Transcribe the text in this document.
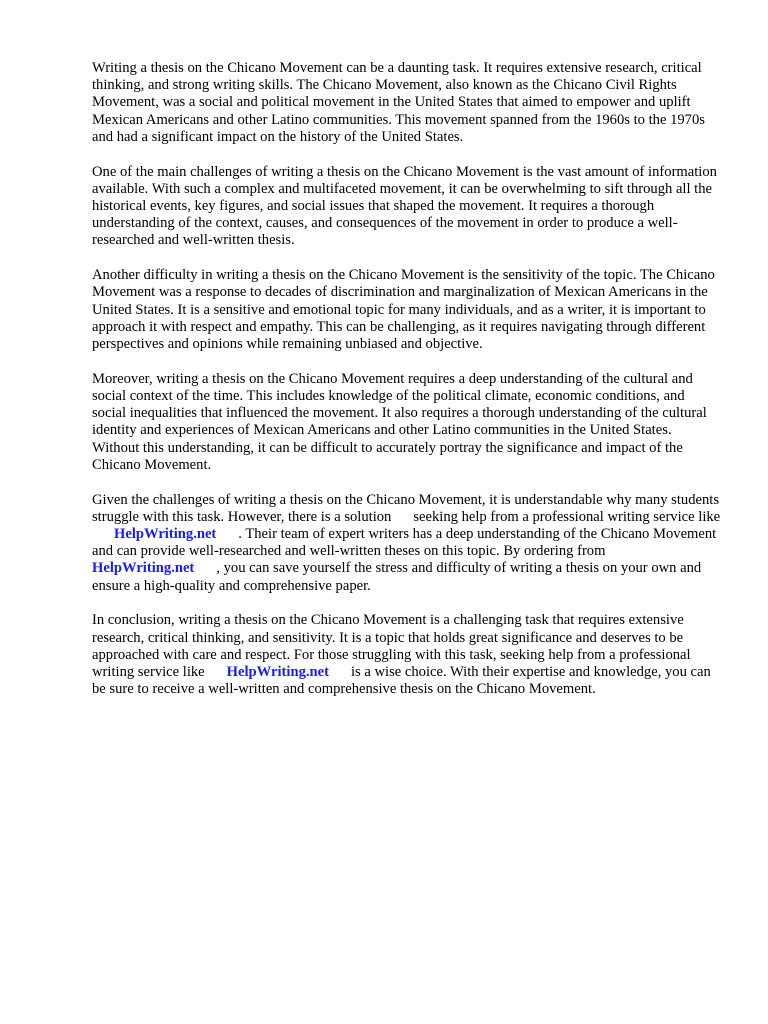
Writing a thesis on the Chicano Movement can be a daunting task. It requires extensive research, critical thinking, and strong writing skills. The Chicano Movement, also known as the Chicano Civil Rights Movement, was a social and political movement in the United States that aimed to empower and uplift Mexican Americans and other Latino communities. This movement spanned from the 1960s to the 1970s and had a significant impact on the history of the United States.

One of the main challenges of writing a thesis on the Chicano Movement is the vast amount of information available. With such a complex and multifaceted movement, it can be overwhelming to sift through all the historical events, key figures, and social issues that shaped the movement. It requires a thorough understanding of the context, causes, and consequences of the movement in order to produce a well-researched and well-written thesis.

Another difficulty in writing a thesis on the Chicano Movement is the sensitivity of the topic. The Chicano Movement was a response to decades of discrimination and marginalization of Mexican Americans in the United States. It is a sensitive and emotional topic for many individuals, and as a writer, it is important to approach it with respect and empathy. This can be challenging, as it requires navigating through different perspectives and opinions while remaining unbiased and objective.

Moreover, writing a thesis on the Chicano Movement requires a deep understanding of the cultural and social context of the time. This includes knowledge of the political climate, economic conditions, and social inequalities that influenced the movement. It also requires a thorough understanding of the cultural identity and experiences of Mexican Americans and other Latino communities in the United States. Without this understanding, it can be difficult to accurately portray the significance and impact of the Chicano Movement.

Given the challenges of writing a thesis on the Chicano Movement, it is understandable why many students struggle with this task. However, there is a solution seeking help from a professional writing service likeHelpWriting.net . Their team of expert writers has a deep understanding of the Chicano Movement and can provide well-researched and well-written theses on this topic. By ordering fromHelpWriting.net , you can save yourself the stress and difficulty of writing a thesis on your own and ensure a high-quality and comprehensive paper.

In conclusion, writing a thesis on the Chicano Movement is a challenging task that requires extensive research, critical thinking, and sensitivity. It is a topic that holds great significance and deserves to be approached with care and respect. For those struggling with this task, seeking help from a professional writing service like HelpWriting.net is a wise choice. With their expertise and knowledge, you can be sure to receive a well-written and comprehensive thesis on the Chicano Movement.
